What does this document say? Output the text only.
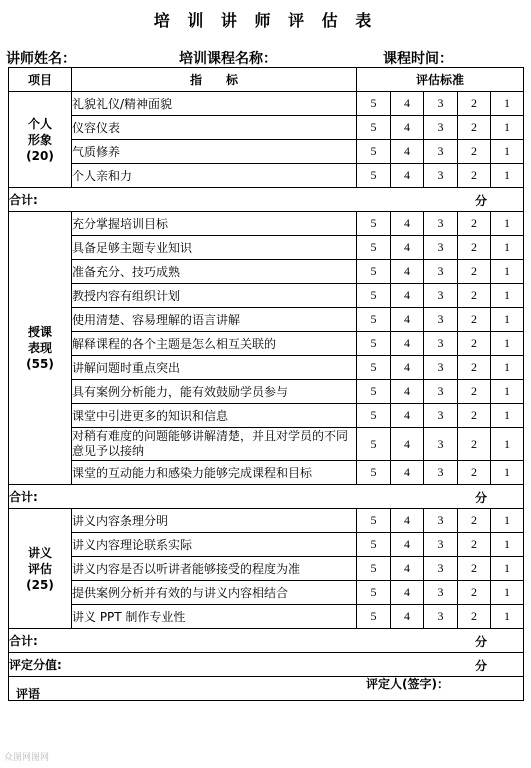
培 训 讲 师 评 估 表
讲师姓名：	培训课程名称：	课程时间：
项目	指　　标	评估标准				

个人
形象
(20)	礼貌礼仪/精神面貌	5	4	3	2	1
	仪容仪表	5	4	3	2	1
	气质修养	5	4	3	2	1
	个人亲和力	5	4	3	2	1
合计: 分						

授课
表现
(55)	充分掌握培训目标	5	4	3	2	1
	具备足够主题专业知识	5	4	3	2	1
	准备充分、技巧成熟	5	4	3	2	1
	教授内容有组织计划	5	4	3	2	1
	使用清楚、容易理解的语言讲解	5	4	3	2	1
	解释课程的各个主题是怎么相互关联的	5	4	3	2	1
	讲解问题时重点突出	5	4	3	2	1
	具有案例分析能力，能有效鼓励学员参与	5	4	3	2	1
	课堂中引进更多的知识和信息	5	4	3	2	1
	对稍有难度的问题能够讲解清楚，并且对学员的不同意见予以接纳	5	4	3	2	1
	课堂的互动能力和感染力能够完成课程和目标	5	4	3	2	1
合计: 分						

讲义
评估
(25)	讲义内容条理分明	5	4	3	2	1
	讲义内容理论联系实际	5	4	3	2	1
	讲义内容是否以听讲者能够接受的程度为准	5	4	3	2	1
	提供案例分析并有效的与讲义内容相结合	5	4	3	2	1
	讲义 PPT 制作专业性	5	4	3	2	1
合计: 分						

评定分值: 分						

评语
评定人(签字)：						
众图网图网
